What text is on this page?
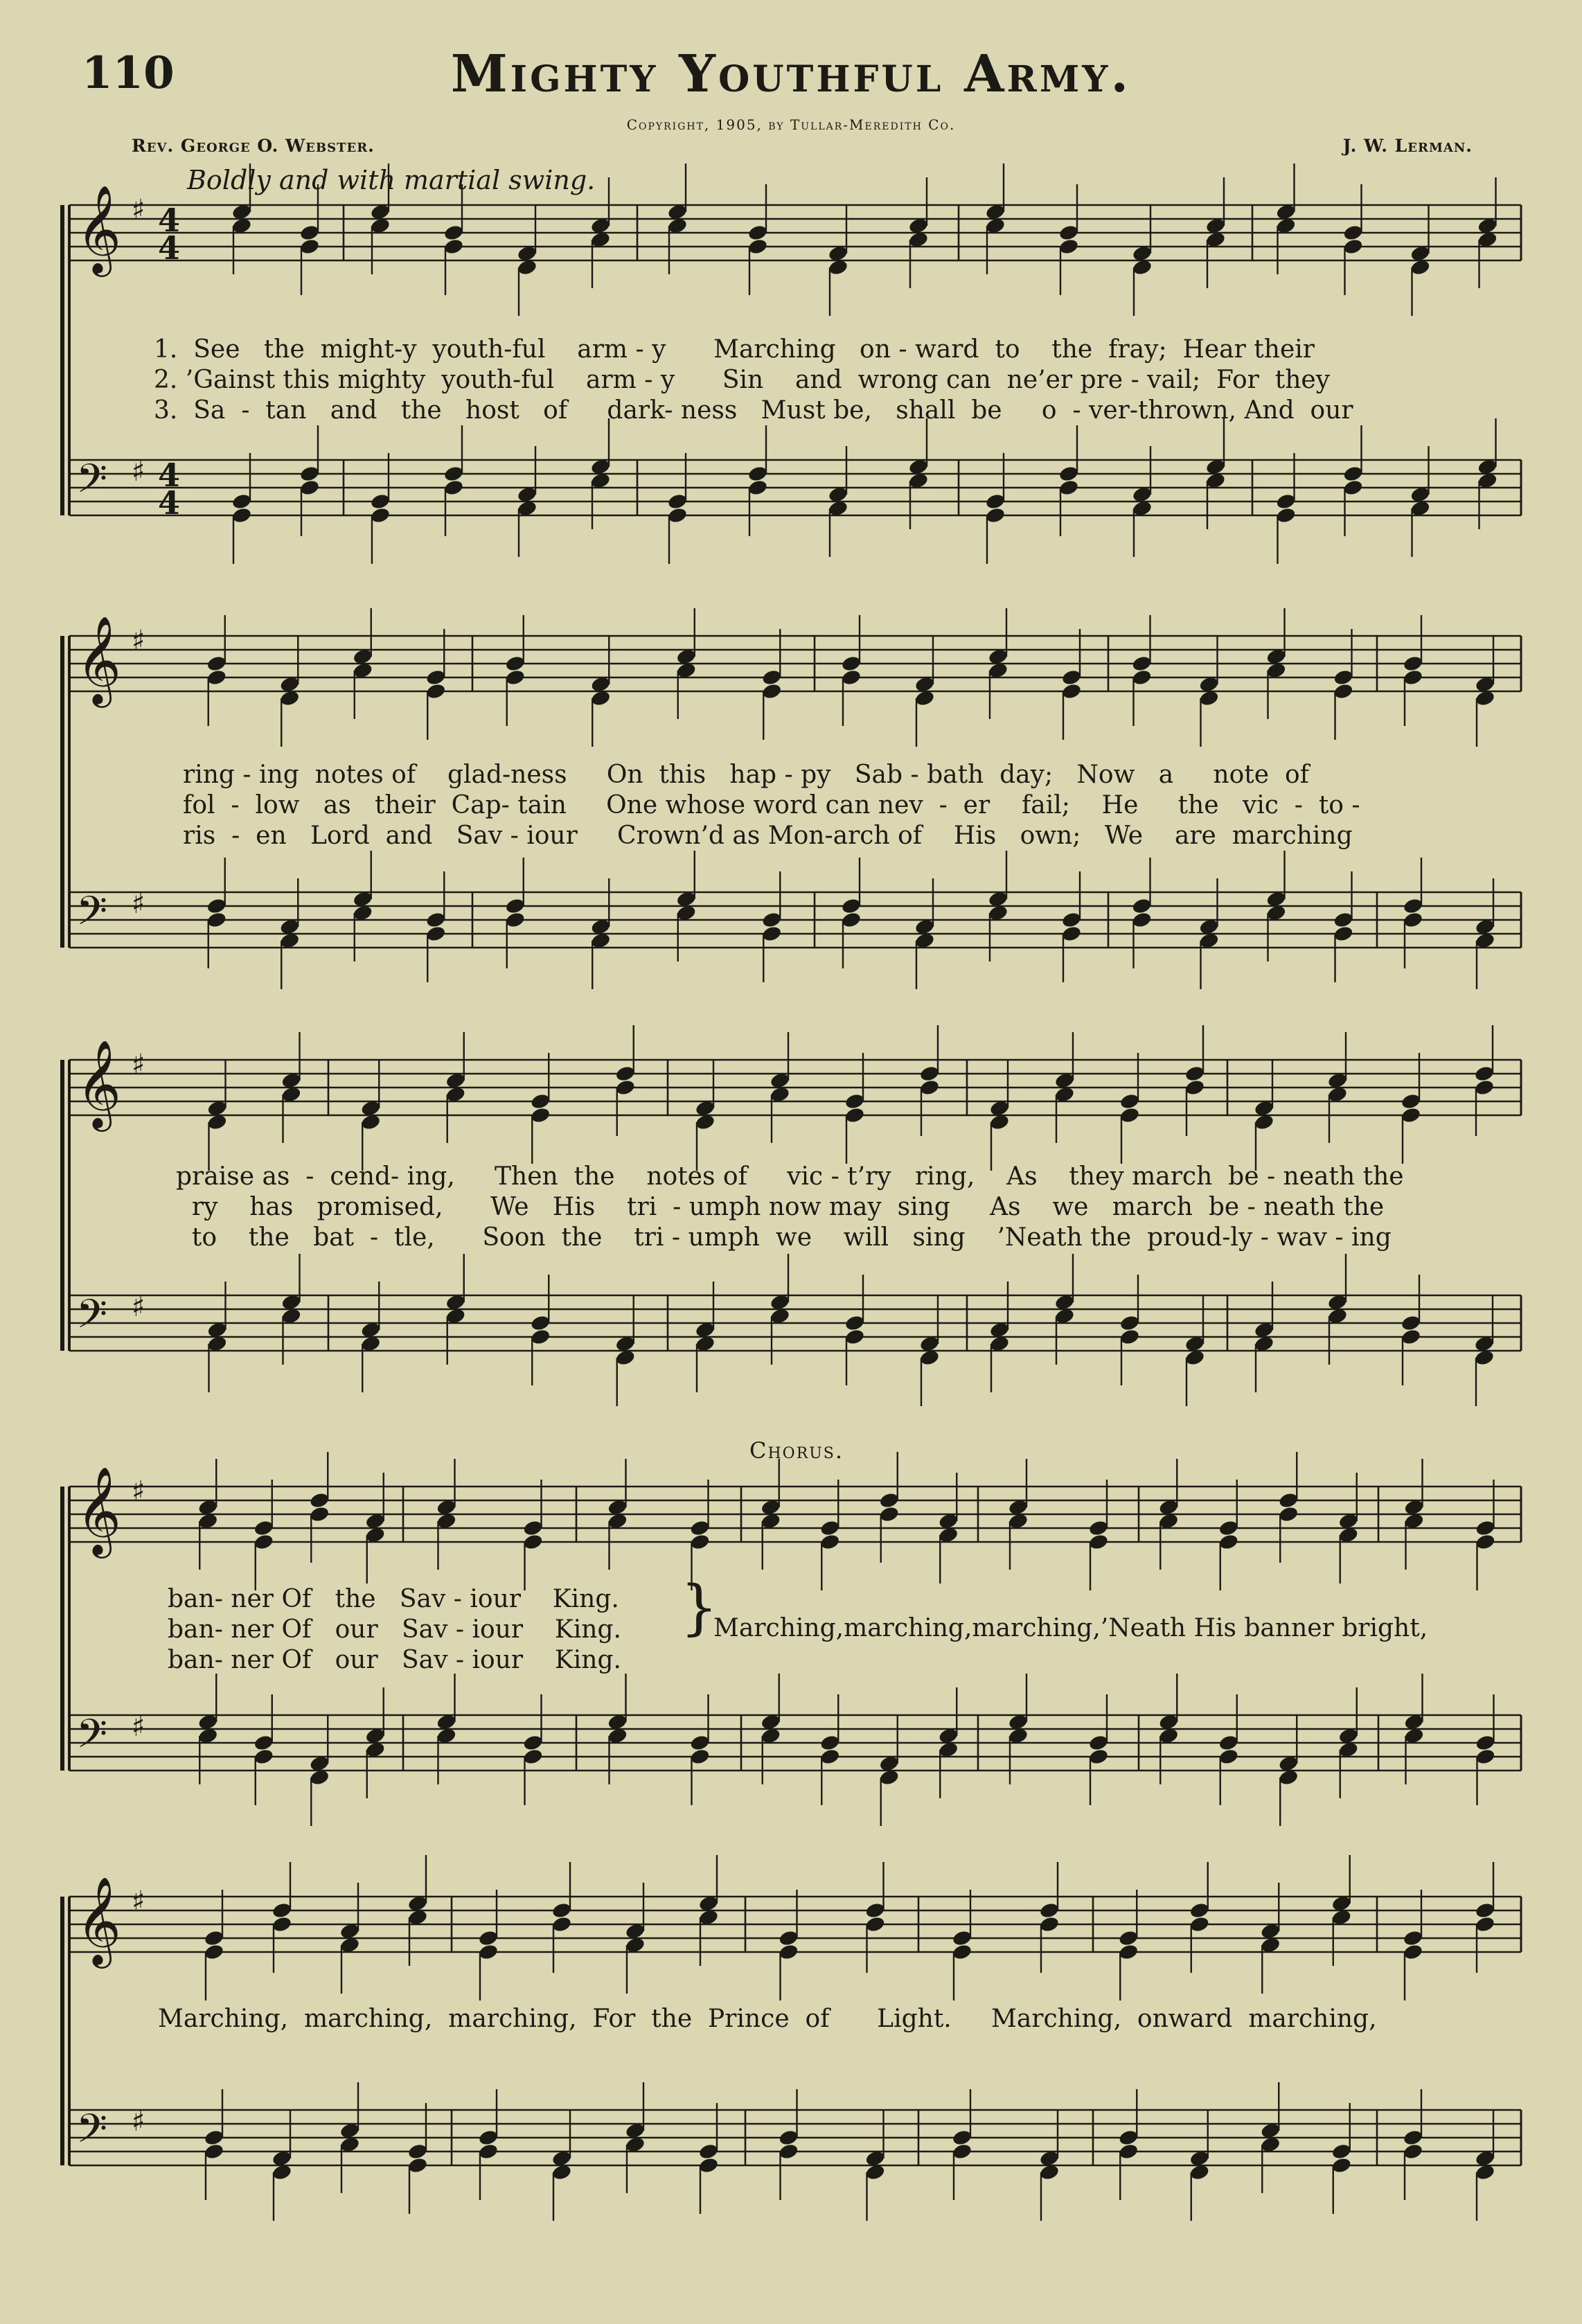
110	Mighty Youthful Army.
Copyright, 1905, by Tullar-Meredith Co.
Rev. George O. Webster.	J. W. Lerman.
Boldly and with martial swing.
𝄞 ♯ 4
4
𝄢 ♯ 4
4
𝄞 ♯
𝄢 ♯
𝄞 ♯
𝄢 ♯
𝄞 ♯
𝄢 ♯
𝄞 ♯
𝄢 ♯
1.  See   the  might-y  youth-ful    arm - y      Marching   on - ward  to    the  fray;  Hear their
2. ’Gainst this mighty  youth-ful    arm - y      Sin    and  wrong can  ne’er pre - vail;  For  they
3.  Sa  -  tan   and   the   host   of     dark- ness   Must be,   shall  be     o  - ver-thrown, And  our
ring - ing  notes of    glad-ness     On  this   hap - py   Sab - bath  day;   Now   a     note  of
fol  -  low   as   their  Cap- tain     One whose word can nev  -  er    fail;    He     the   vic  -  to -
ris  -  en   Lord  and   Sav - iour     Crown’d as Mon-arch of    His   own;   We    are  marching
praise as  -  cend- ing,     Then  the    notes of     vic - t’ry   ring,    As    they march  be - neath the
ry    has   promised,      We   His    tri  - umph now may  sing     As    we   march  be - neath the
to    the   bat  -  tle,      Soon  the    tri - umph  we    will   sing    ’Neath the  proud-ly - wav - ing
Chorus.
ban- ner Of   the   Sav - iour    King.
ban- ner Of   our   Sav - iour    King.
ban- ner Of   our   Sav - iour    King.
}
Marching,marching,marching,’Neath His banner bright,
Marching,  marching,  marching,  For  the  Prince  of      Light.     Marching,  onward  marching,
